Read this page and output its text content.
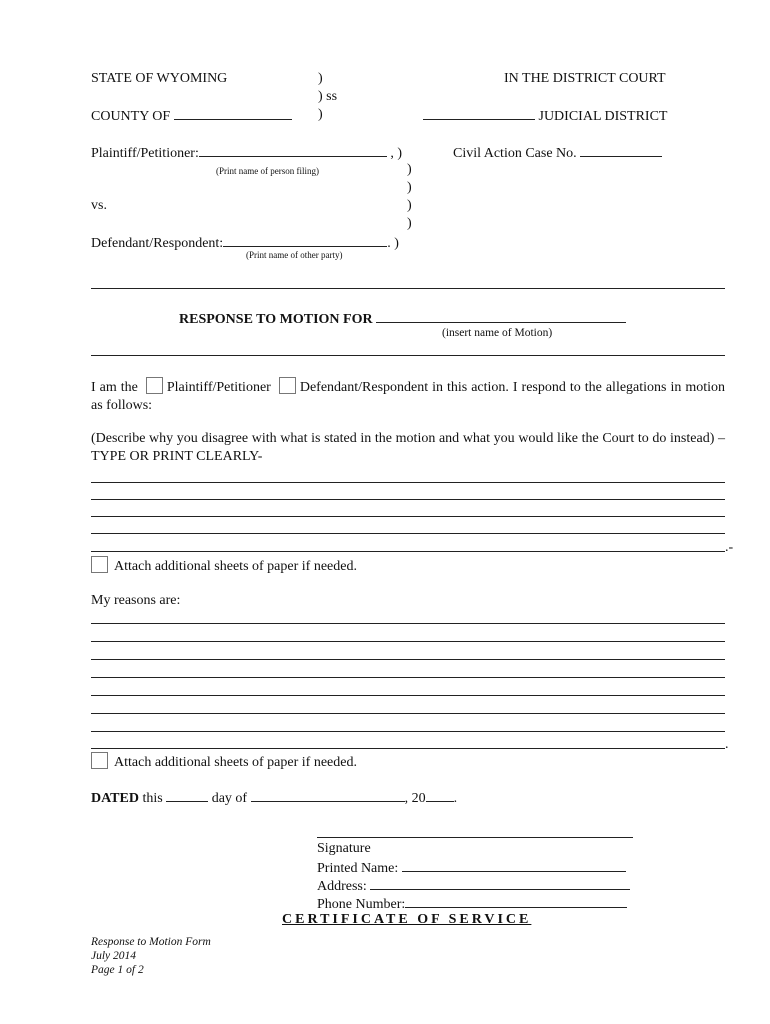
STATE OF WYOMING	)	IN THE DISTRICT COURT
) ss
COUNTY OF	)	JUDICIAL DISTRICT
Plaintiff/Petitioner:	, )
(Print name of person filing)
Civil Action Case No.
)
)
vs.	)
)
Defendant/Respondent:	. )
(Print name of other party)
RESPONSE TO MOTION FOR
(insert name of Motion)
I am the Plaintiff/Petitioner Defendant/Respondent in this action. I respond to the allegations in motion as follows:
(Describe why you disagree with what is stated in the motion and what you would like the Court to do instead) – TYPE OR PRINT CLEARLY-
.-
Attach additional sheets of paper if needed.
My reasons are:
.
Attach additional sheets of paper if needed.
DATED this	day of	, 20 .
Signature
Printed Name:
Address:
Phone Number:
CERTIFICATE OF SERVICE
Response to Motion Form
July 2014
Page 1 of 2
